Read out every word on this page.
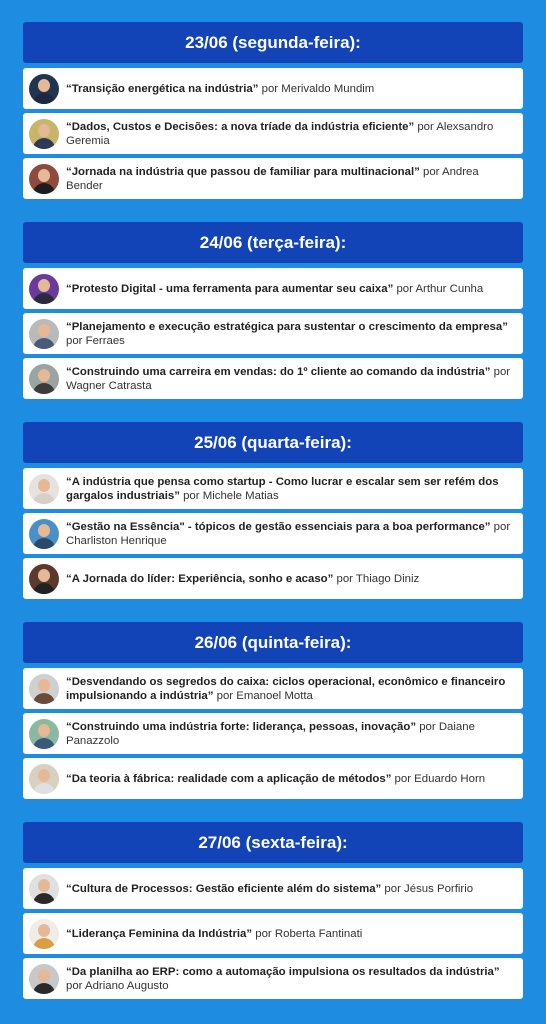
23/06 (segunda-feira):
“Transição energética na indústria” por Merivaldo Mundim
“Dados, Custos e Decisões: a nova tríade da indústria eficiente” por Alexsandro Geremia
“Jornada na indústria que passou de familiar para multinacional” por Andrea Bender
24/06 (terça-feira):
“Protesto Digital - uma ferramenta para aumentar seu caixa” por Arthur Cunha
“Planejamento e execução estratégica para sustentar o crescimento da empresa” por Ferraes
“Construindo uma carreira em vendas: do 1º cliente ao comando da indústria” por Wagner Catrasta
25/06 (quarta-feira):
“A indústria que pensa como startup - Como lucrar e escalar sem ser refém dos gargalos industriais” por Michele Matias
“Gestão na Essência" - tópicos de gestão essenciais para a boa performance” por Charliston Henrique
“A Jornada do líder: Experiência, sonho e acaso” por Thiago Diniz
26/06 (quinta-feira):
“Desvendando os segredos do caixa: ciclos operacional, econômico e financeiro impulsionando a indústria” por Emanoel Motta
“Construindo uma indústria forte: liderança, pessoas, inovação” por Daiane Panazzolo
“Da teoria à fábrica: realidade com a aplicação de métodos” por Eduardo Horn
27/06 (sexta-feira):
“Cultura de Processos: Gestão eficiente além do sistema” por Jésus Porfirio
“Liderança Feminina da Indústria” por Roberta Fantinati
“Da planilha ao ERP: como a automação impulsiona os resultados da indústria” por Adriano Augusto
